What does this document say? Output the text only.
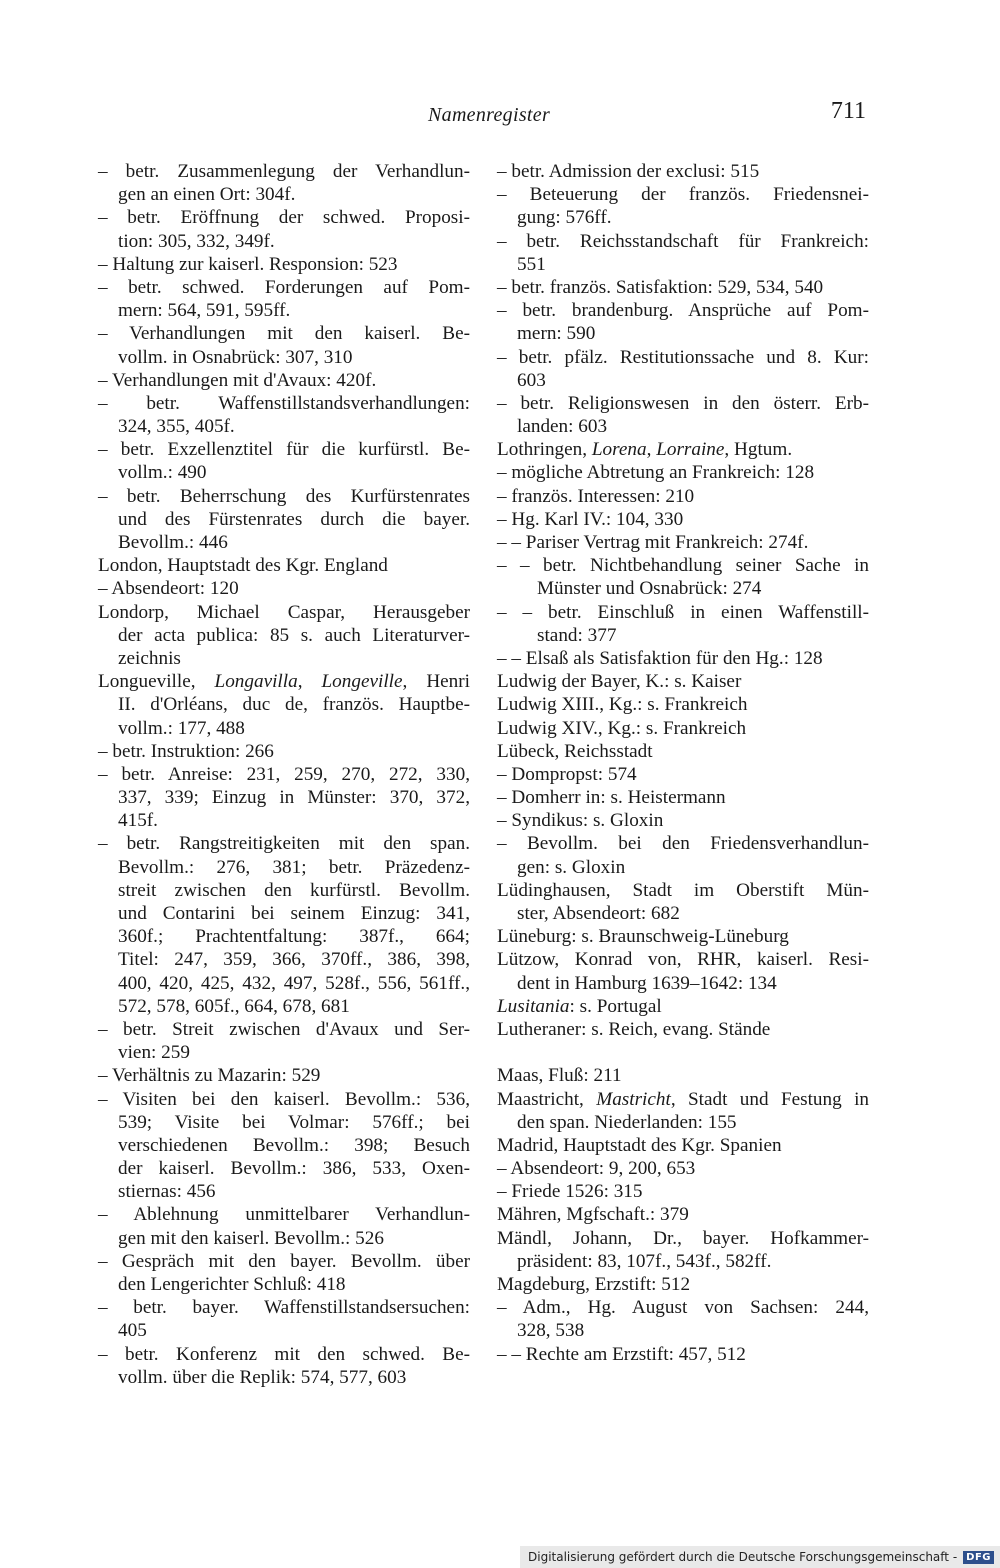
Namenregister	711
– betr. Zusammenlegung der Verhandlun-
gen an einen Ort: 304f.
– betr. Eröffnung der schwed. Proposi-
tion: 305, 332, 349f.
– Haltung zur kaiserl. Responsion: 523
– betr. schwed. Forderungen auf Pom-
mern: 564, 591, 595ff.
– Verhandlungen mit den kaiserl. Be-
vollm. in Osnabrück: 307, 310
– Verhandlungen mit d'Avaux: 420f.
– betr. Waffenstillstandsverhandlungen:
324, 355, 405f.
– betr. Exzellenztitel für die kurfürstl. Be-
vollm.: 490
– betr. Beherrschung des Kurfürstenrates
und des Fürstenrates durch die bayer.
Bevollm.: 446
London, Hauptstadt des Kgr. England
– Absendeort: 120
Londorp, Michael Caspar, Herausgeber
der acta publica: 85 s. auch Literaturver-
zeichnis
Longueville, Longavilla, Longeville, Henri
II. d'Orléans, duc de, französ. Hauptbe-
vollm.: 177, 488
– betr. Instruktion: 266
– betr. Anreise: 231, 259, 270, 272, 330,
337, 339; Einzug in Münster: 370, 372,
415f.
– betr. Rangstreitigkeiten mit den span.
Bevollm.: 276, 381; betr. Präzedenz-
streit zwischen den kurfürstl. Bevollm.
und Contarini bei seinem Einzug: 341,
360f.; Prachtentfaltung: 387f., 664;
Titel: 247, 359, 366, 370ff., 386, 398,
400, 420, 425, 432, 497, 528f., 556, 561ff.,
572, 578, 605f., 664, 678, 681
– betr. Streit zwischen d'Avaux und Ser-
vien: 259
– Verhältnis zu Mazarin: 529
– Visiten bei den kaiserl. Bevollm.: 536,
539; Visite bei Volmar: 576ff.; bei
verschiedenen Bevollm.: 398; Besuch
der kaiserl. Bevollm.: 386, 533, Oxen-
stiernas: 456
– Ablehnung unmittelbarer Verhandlun-
gen mit den kaiserl. Bevollm.: 526
– Gespräch mit den bayer. Bevollm. über
den Lengerichter Schluß: 418
– betr. bayer. Waffenstillstandsersuchen:
405
– betr. Konferenz mit den schwed. Be-
vollm. über die Replik: 574, 577, 603
– betr. Admission der exclusi: 515
– Beteuerung der französ. Friedensnei-
gung: 576ff.
– betr. Reichsstandschaft für Frankreich:
551
– betr. französ. Satisfaktion: 529, 534, 540
– betr. brandenburg. Ansprüche auf Pom-
mern: 590
– betr. pfälz. Restitutionssache und 8. Kur:
603
– betr. Religionswesen in den österr. Erb-
landen: 603
Lothringen, Lorena, Lorraine, Hgtum.
– mögliche Abtretung an Frankreich: 128
– französ. Interessen: 210
– Hg. Karl IV.: 104, 330
– – Pariser Vertrag mit Frankreich: 274f.
– – betr. Nichtbehandlung seiner Sache in
Münster und Osnabrück: 274
– – betr. Einschluß in einen Waffenstill-
stand: 377
– – Elsaß als Satisfaktion für den Hg.: 128
Ludwig der Bayer, K.: s. Kaiser
Ludwig XIII., Kg.: s. Frankreich
Ludwig XIV., Kg.: s. Frankreich
Lübeck, Reichsstadt
– Dompropst: 574
– Domherr in: s. Heistermann
– Syndikus: s. Gloxin
– Bevollm. bei den Friedensverhandlun-
gen: s. Gloxin
Lüdinghausen, Stadt im Oberstift Mün-
ster, Absendeort: 682
Lüneburg: s. Braunschweig-Lüneburg
Lützow, Konrad von, RHR, kaiserl. Resi-
dent in Hamburg 1639–1642: 134
Lusitania: s. Portugal
Lutheraner: s. Reich, evang. Stände
Maas, Fluß: 211
Maastricht, Mastricht, Stadt und Festung in
den span. Niederlanden: 155
Madrid, Hauptstadt des Kgr. Spanien
– Absendeort: 9, 200, 653
– Friede 1526: 315
Mähren, Mgfschaft.: 379
Mändl, Johann, Dr., bayer. Hofkammer-
präsident: 83, 107f., 543f., 582ff.
Magdeburg, Erzstift: 512
– Adm., Hg. August von Sachsen: 244,
328, 538
– – Rechte am Erzstift: 457, 512
Digitalisierung gefördert durch die Deutsche Forschungsgemeinschaft - DFG
